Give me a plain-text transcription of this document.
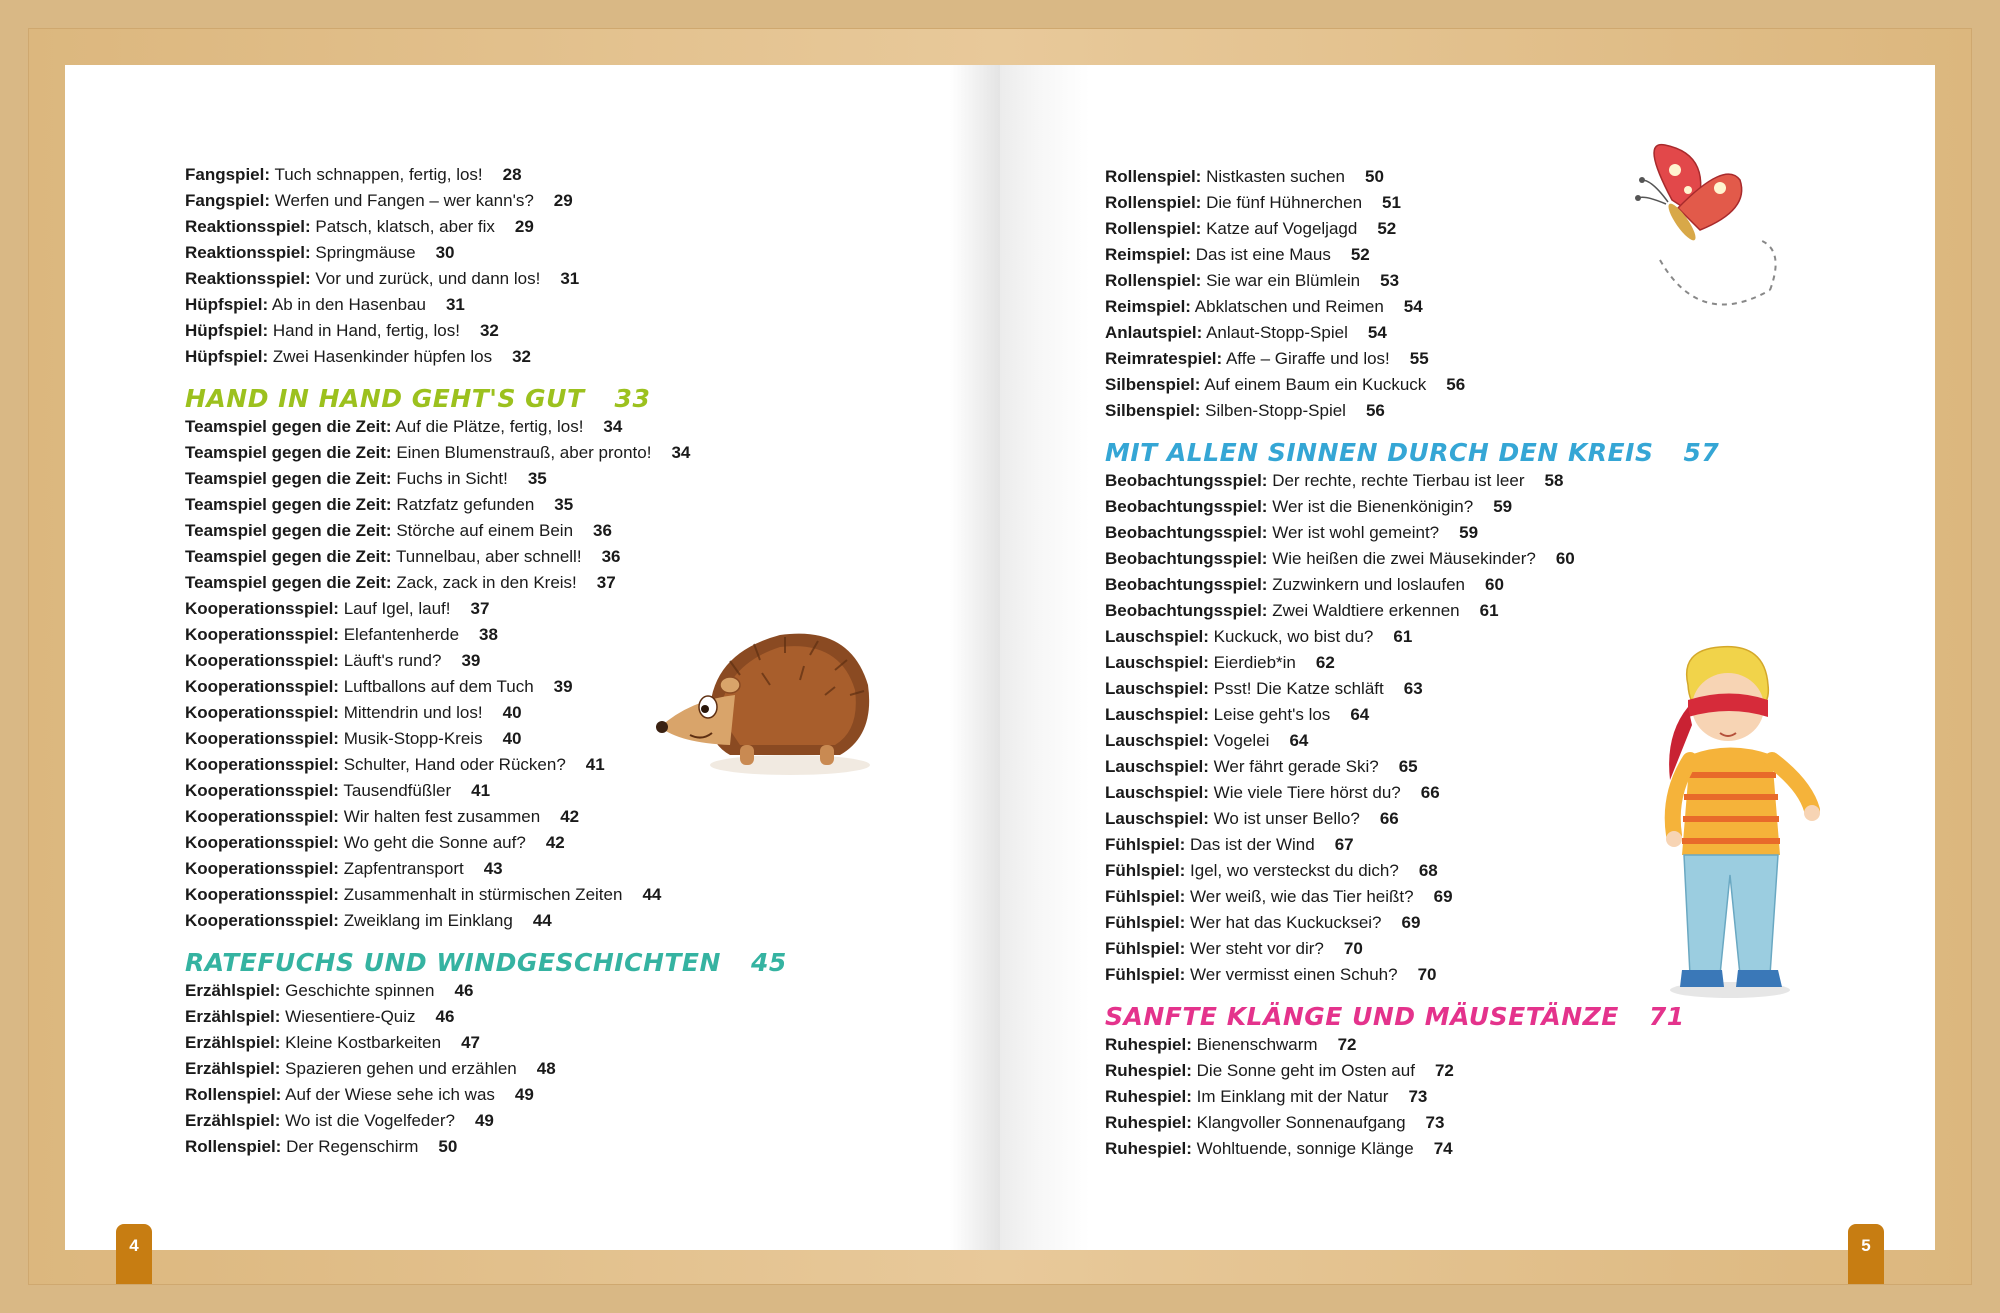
Fangspiel: Tuch schnappen, fertig, los! 28
Fangspiel: Werfen und Fangen – wer kann's? 29
Reaktionsspiel: Patsch, klatsch, aber fix 29
Reaktionsspiel: Springmäuse 30
Reaktionsspiel: Vor und zurück, und dann los! 31
Hüpfspiel: Ab in den Hasenbau 31
Hüpfspiel: Hand in Hand, fertig, los! 32
Hüpfspiel: Zwei Hasenkinder hüpfen los 32
HAND IN HAND GEHT'S GUT 33
Teamspiel gegen die Zeit: Auf die Plätze, fertig, los! 34
Teamspiel gegen die Zeit: Einen Blumenstrauß, aber pronto! 34
Teamspiel gegen die Zeit: Fuchs in Sicht! 35
Teamspiel gegen die Zeit: Ratzfatz gefunden 35
Teamspiel gegen die Zeit: Störche auf einem Bein 36
Teamspiel gegen die Zeit: Tunnelbau, aber schnell! 36
Teamspiel gegen die Zeit: Zack, zack in den Kreis! 37
Kooperationsspiel: Lauf Igel, lauf! 37
Kooperationsspiel: Elefantenherde 38
Kooperationsspiel: Läuft's rund? 39
Kooperationsspiel: Luftballons auf dem Tuch 39
Kooperationsspiel: Mittendrin und los! 40
Kooperationsspiel: Musik-Stopp-Kreis 40
Kooperationsspiel: Schulter, Hand oder Rücken? 41
Kooperationsspiel: Tausendfüßler 41
Kooperationsspiel: Wir halten fest zusammen 42
Kooperationsspiel: Wo geht die Sonne auf? 42
Kooperationsspiel: Zapfentransport 43
Kooperationsspiel: Zusammenhalt in stürmischen Zeiten 44
Kooperationsspiel: Zweiklang im Einklang 44
RATEFUCHS UND WINDGESCHICHTEN 45
Erzählspiel: Geschichte spinnen 46
Erzählspiel: Wiesentiere-Quiz 46
Erzählspiel: Kleine Kostbarkeiten 47
Erzählspiel: Spazieren gehen und erzählen 48
Rollenspiel: Auf der Wiese sehe ich was 49
Erzählspiel: Wo ist die Vogelfeder? 49
Rollenspiel: Der Regenschirm 50
Rollenspiel: Nistkasten suchen 50
Rollenspiel: Die fünf Hühnerchen 51
Rollenspiel: Katze auf Vogeljagd 52
Reimspiel: Das ist eine Maus 52
Rollenspiel: Sie war ein Blümlein 53
Reimspiel: Abklatschen und Reimen 54
Anlautspiel: Anlaut-Stopp-Spiel 54
Reimratespiel: Affe – Giraffe und los! 55
Silbenspiel: Auf einem Baum ein Kuckuck 56
Silbenspiel: Silben-Stopp-Spiel 56
MIT ALLEN SINNEN DURCH DEN KREIS 57
Beobachtungsspiel: Der rechte, rechte Tierbau ist leer 58
Beobachtungsspiel: Wer ist die Bienenkönigin? 59
Beobachtungsspiel: Wer ist wohl gemeint? 59
Beobachtungsspiel: Wie heißen die zwei Mäusekinder? 60
Beobachtungsspiel: Zuzwinkern und loslaufen 60
Beobachtungsspiel: Zwei Waldtiere erkennen 61
Lauschspiel: Kuckuck, wo bist du? 61
Lauschspiel: Eierdieb*in 62
Lauschspiel: Psst! Die Katze schläft 63
Lauschspiel: Leise geht's los 64
Lauschspiel: Vogelei 64
Lauschspiel: Wer fährt gerade Ski? 65
Lauschspiel: Wie viele Tiere hörst du? 66
Lauschspiel: Wo ist unser Bello? 66
Fühlspiel: Das ist der Wind 67
Fühlspiel: Igel, wo versteckst du dich? 68
Fühlspiel: Wer weiß, wie das Tier heißt? 69
Fühlspiel: Wer hat das Kuckucksei? 69
Fühlspiel: Wer steht vor dir? 70
Fühlspiel: Wer vermisst einen Schuh? 70
SANFTE KLÄNGE UND MÄUSETÄNZE 71
Ruhespiel: Bienenschwarm 72
Ruhespiel: Die Sonne geht im Osten auf 72
Ruhespiel: Im Einklang mit der Natur 73
Ruhespiel: Klangvoller Sonnenaufgang 73
Ruhespiel: Wohltuende, sonnige Klänge 74
4	5
